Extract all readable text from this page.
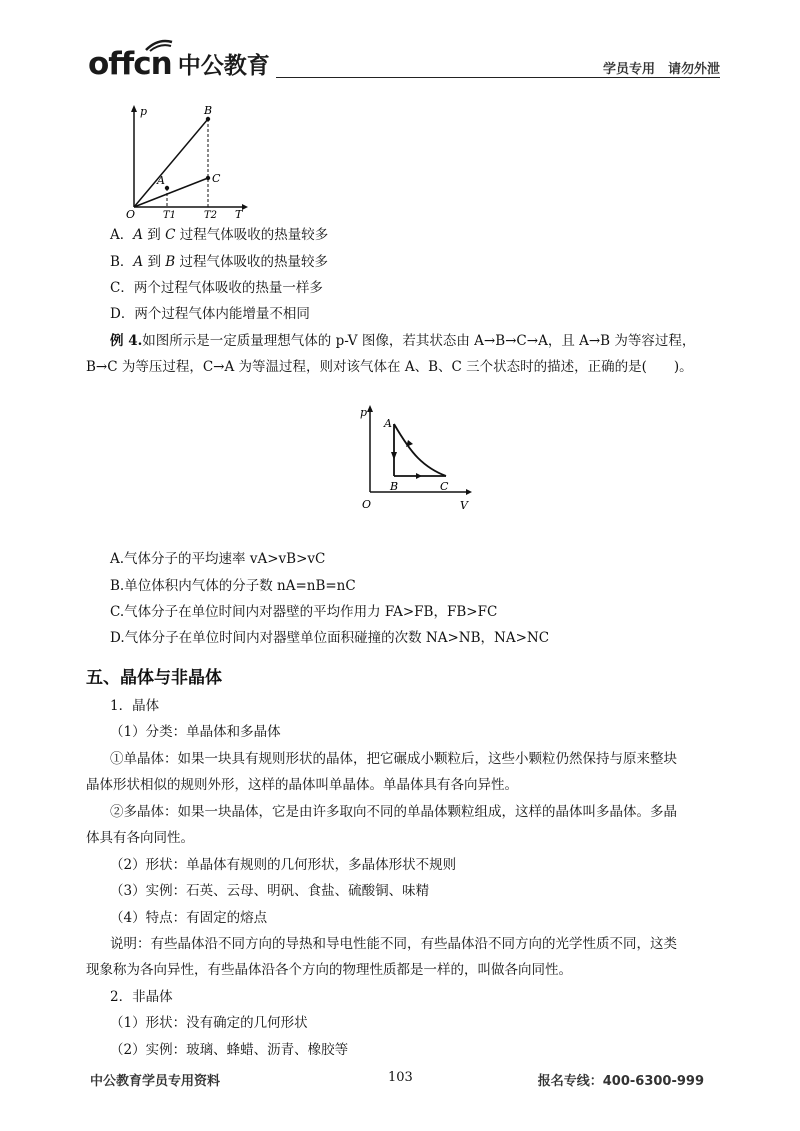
offcn 中公教育	学员专用　请勿外泄
p	B
A	C
O	T1	T2 T
A．A 到 C 过程气体吸收的热量较多
B．A 到 B 过程气体吸收的热量较多
C．两个过程气体吸收的热量一样多
D．两个过程气体内能增量不相同
例 4.如图所示是一定质量理想气体的 p-V 图像，若其状态由 A→B→C→A，且 A→B 为等容过程，
B→C 为等压过程，C→A 为等温过程，则对该气体在 A、B、C 三个状态时的描述，正确的是(　　)。
p
A
B	C
O	V
A.气体分子的平均速率 vA>vB>vC
B.单位体积内气体的分子数 nA=nB=nC
C.气体分子在单位时间内对器壁的平均作用力 FA>FB，FB>FC
D.气体分子在单位时间内对器壁单位面积碰撞的次数 NA>NB，NA>NC
五、晶体与非晶体
1．晶体
（1）分类：单晶体和多晶体
①单晶体：如果一块具有规则形状的晶体，把它碾成小颗粒后，这些小颗粒仍然保持与原来整块
晶体形状相似的规则外形，这样的晶体叫单晶体。单晶体具有各向异性。
②多晶体：如果一块晶体，它是由许多取向不同的单晶体颗粒组成，这样的晶体叫多晶体。多晶
体具有各向同性。
（2）形状：单晶体有规则的几何形状，多晶体形状不规则
（3）实例：石英、云母、明矾、食盐、硫酸铜、味精
（4）特点：有固定的熔点
说明：有些晶体沿不同方向的导热和导电性能不同，有些晶体沿不同方向的光学性质不同，这类
现象称为各向异性，有些晶体沿各个方向的物理性质都是一样的，叫做各向同性。
2．非晶体
（1）形状：没有确定的几何形状
（2）实例：玻璃、蜂蜡、沥青、橡胶等
中公教育学员专用资料	103	报名专线：400-6300-999
